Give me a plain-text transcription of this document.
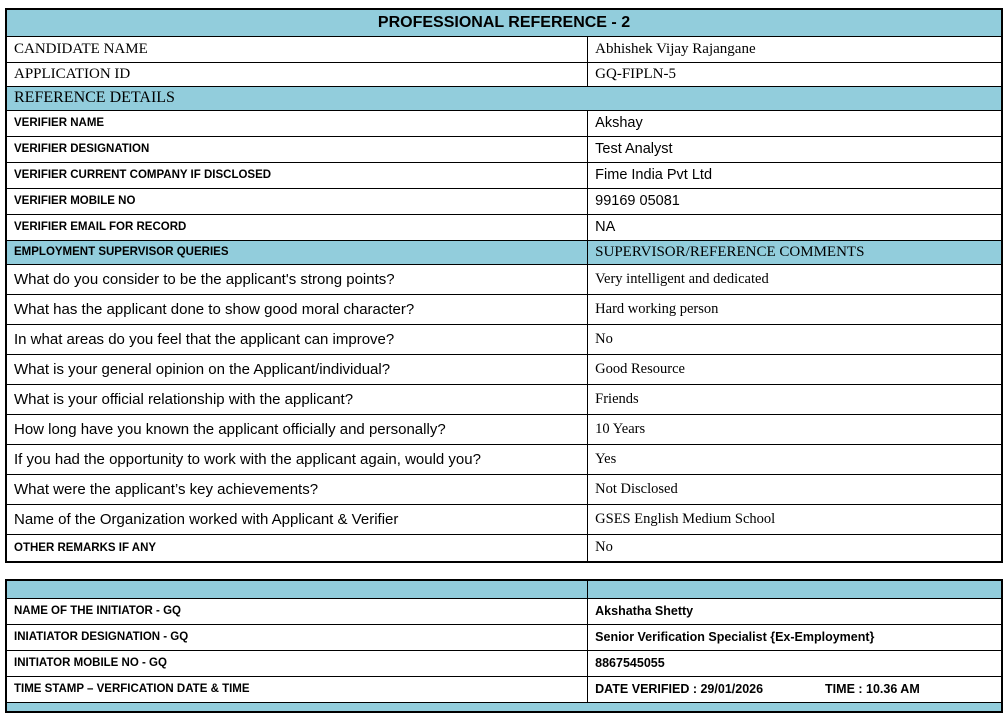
PROFESSIONAL REFERENCE - 2	
CANDIDATE NAME	Abhishek Vijay Rajangane
APPLICATION ID	GQ-FIPLN-5
REFERENCE DETAILS	
VERIFIER NAME	Akshay
VERIFIER DESIGNATION	Test Analyst
VERIFIER CURRENT COMPANY IF DISCLOSED	Fime India Pvt Ltd
VERIFIER MOBILE NO	99169 05081
VERIFIER EMAIL FOR RECORD	NA
EMPLOYMENT SUPERVISOR QUERIES	SUPERVISOR/REFERENCE COMMENTS
What do you consider to be the applicant's strong points?	Very intelligent and dedicated
What has the applicant done to show good moral character?	Hard working person
In what areas do you feel that the applicant can improve?	No
What is your general opinion on the Applicant/individual?	Good Resource
What is your official relationship with the applicant?	Friends
How long have you known the applicant officially and personally?	10 Years
If you had the opportunity to work with the applicant again, would you?	Yes
What were the applicant’s key achievements?	Not Disclosed
Name of the Organization worked with Applicant & Verifier	GSES English Medium School
OTHER REMARKS IF ANY	No

NAME OF THE INITIATOR - GQ	Akshatha Shetty
INIATIATOR DESIGNATION - GQ	Senior Verification Specialist {Ex-Employment}
INITIATOR MOBILE NO - GQ	8867545055
TIME STAMP – VERFICATION DATE & TIME	DATE VERIFIED : 29/01/2026 TIME : 10.36 AM
